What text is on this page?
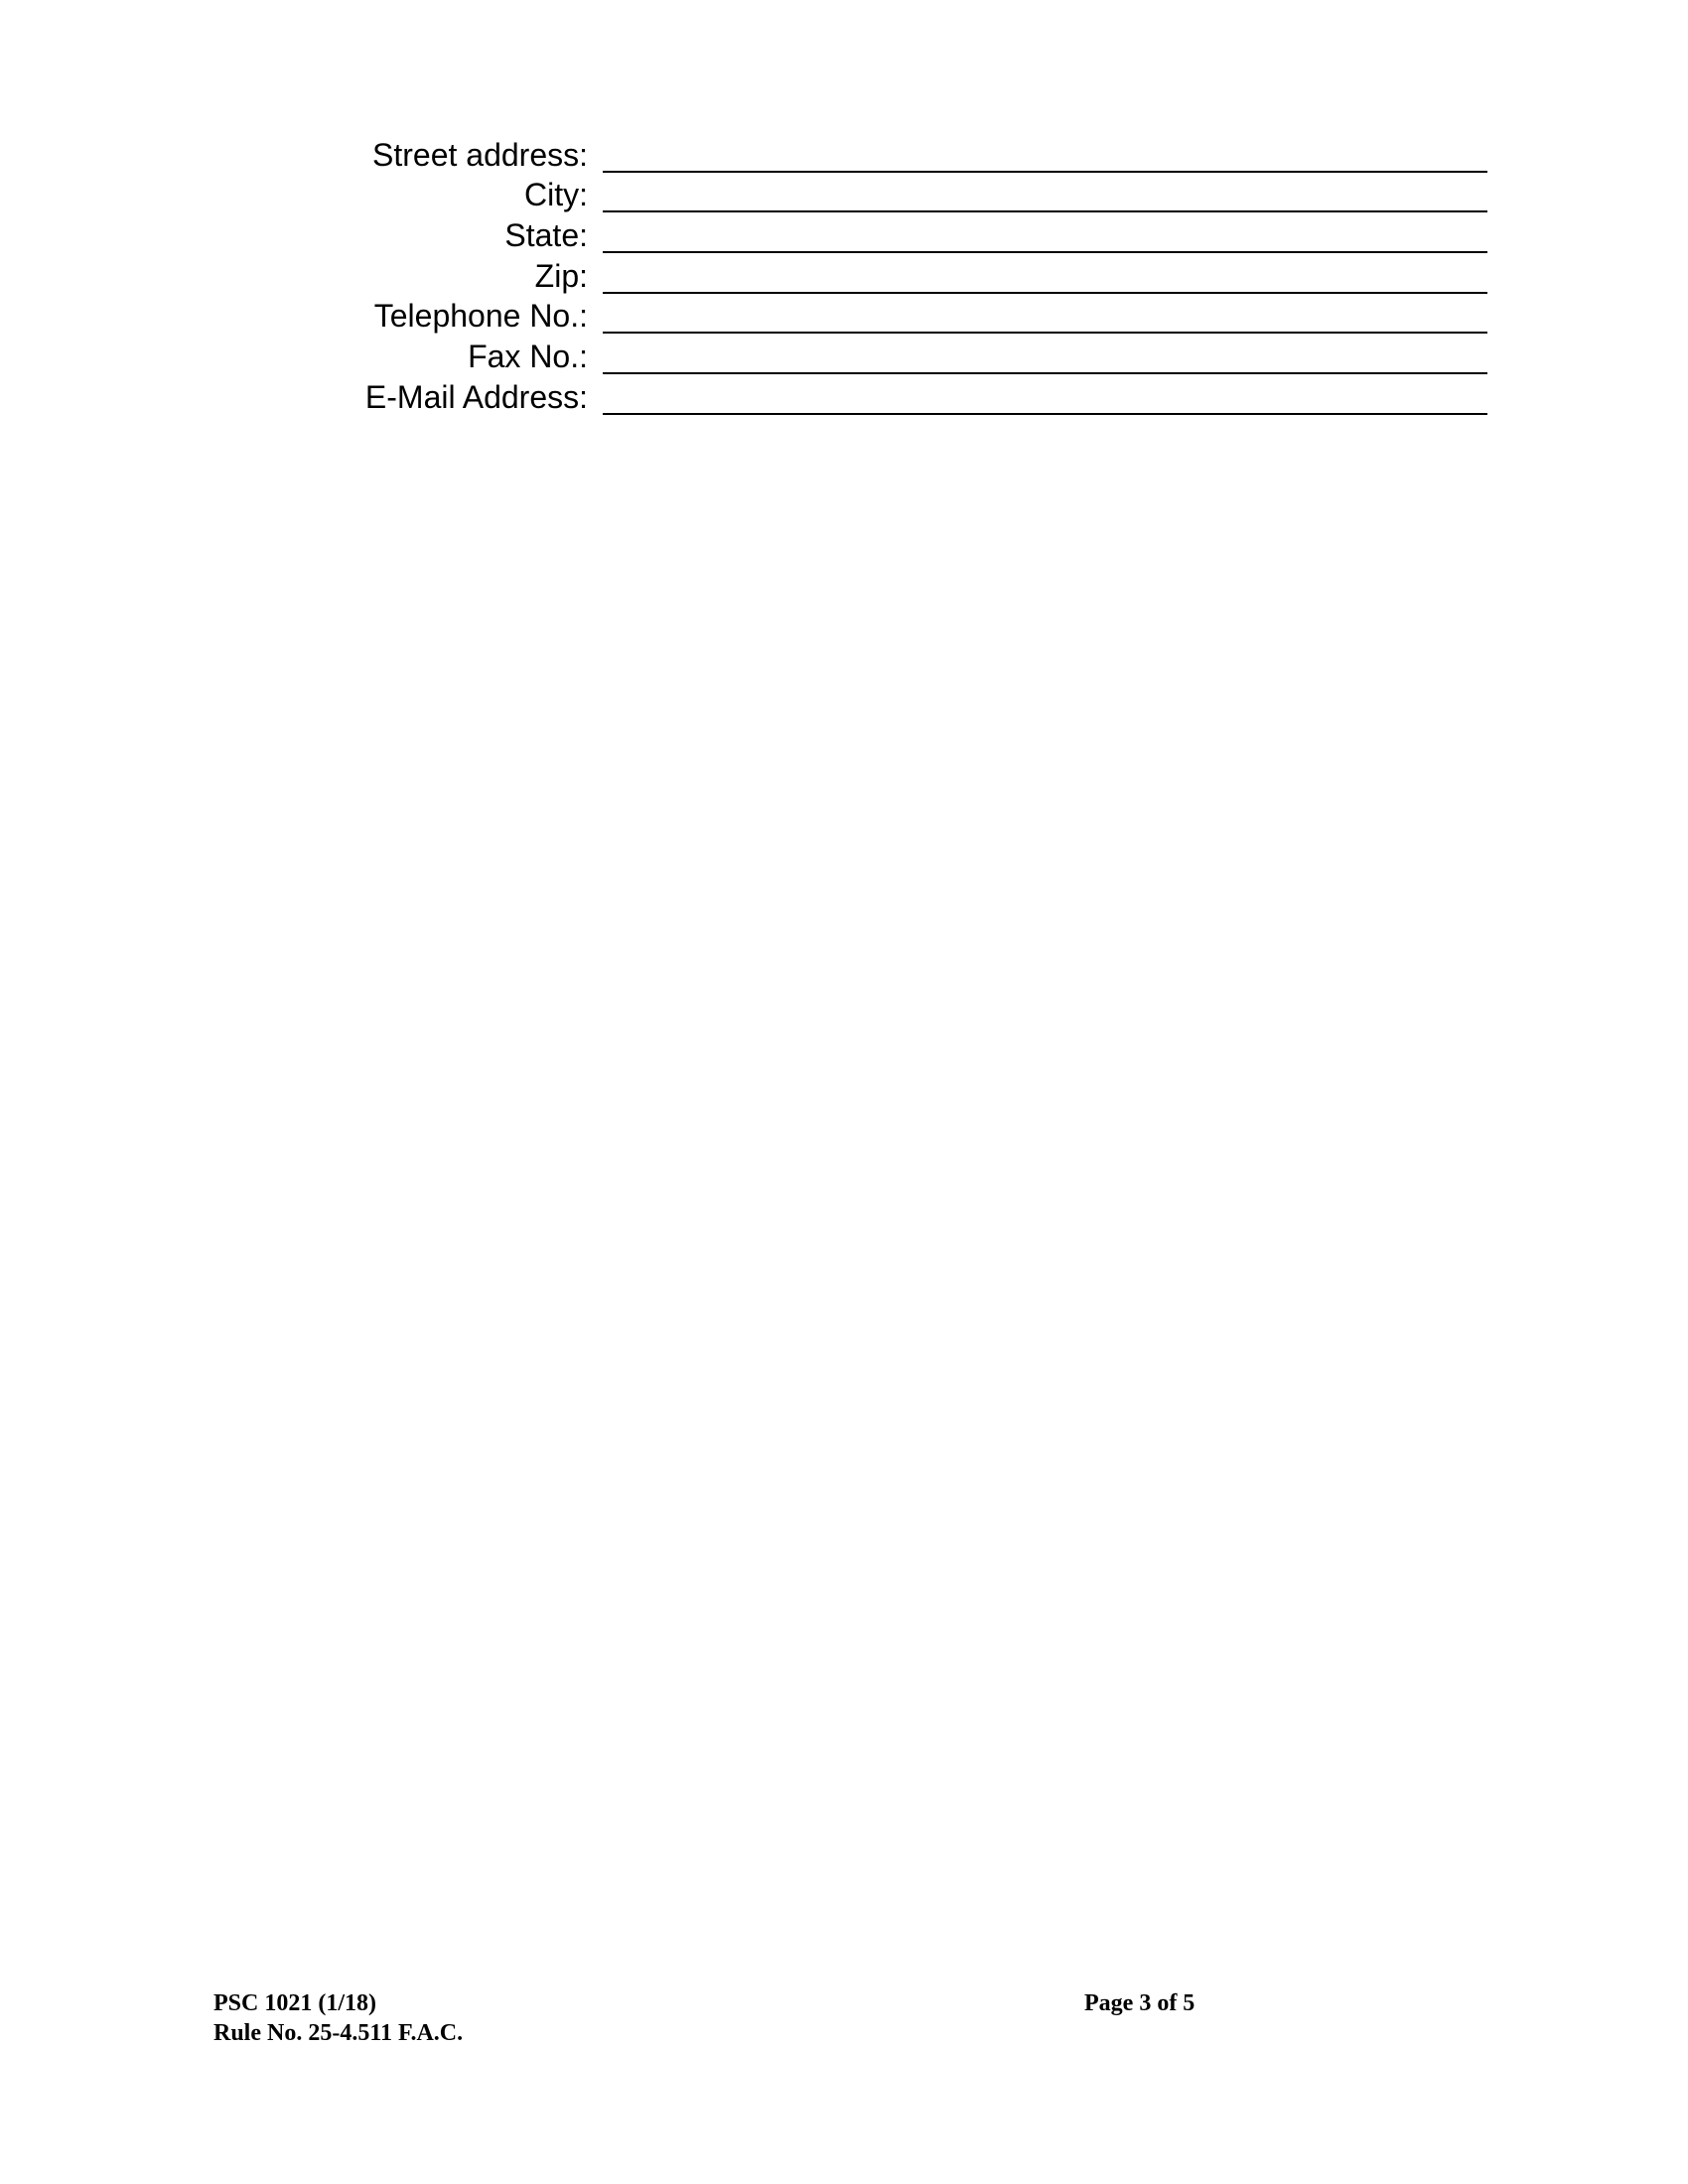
Street address:
City:
State:
Zip:
Telephone No.:
Fax No.:
E-Mail Address:
PSC 1021 (1/18)
Rule No. 25-4.511 F.A.C.
Page 3 of 5
